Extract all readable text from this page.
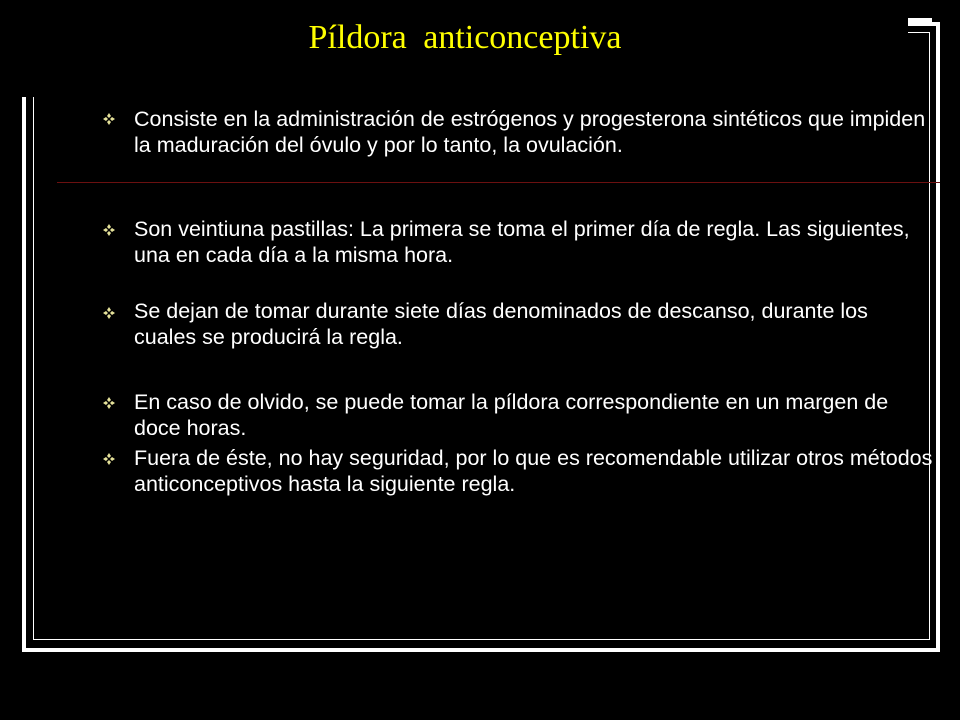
Píldora anticonceptiva

Consiste en la administración de estrógenos y progesterona sintéticos que impiden la maduración del óvulo y por lo tanto, la ovulación.

Son veintiuna pastillas: La primera se toma el primer día de regla. Las siguientes, una en cada día a la misma hora.

Se dejan de tomar durante siete días denominados de descanso, durante los cuales se producirá la regla.

En caso de olvido, se puede tomar la píldora correspondiente en un margen de doce horas.

Fuera de éste, no hay seguridad, por lo que es recomendable utilizar otros métodos anticonceptivos hasta la siguiente regla.
